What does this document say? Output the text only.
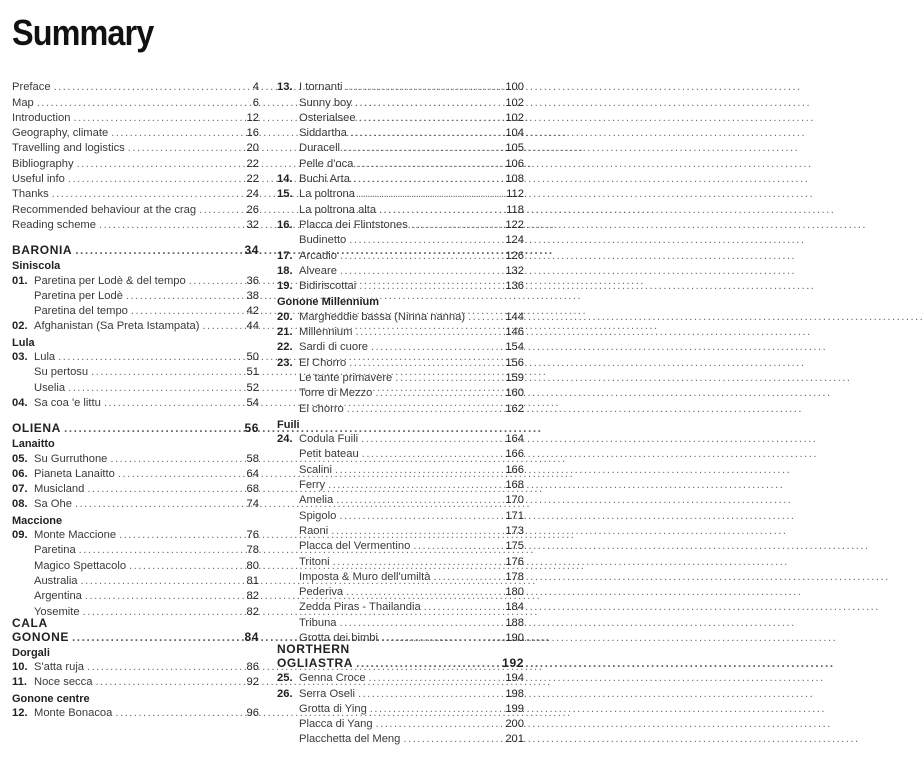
Summary
Preface .....	4
Map .....	6
Introduction .....	12
Geography, climate .....	16
Travelling and logistics .....	20
Bibliography .....	22
Useful info .....	22
Thanks .....	24
Recommended behaviour at the crag .....	26
Reading scheme .....	32
BARONIA .....	34
Siniscola
01. Paretina per Lodè & del tempo .....	36
Paretina per Lodè .....	38
Paretina del tempo .....	42
02. Afghanistan (Sa Preta Istampata) .....	44
Lula
03. Lula .....	50
Su pertosu .....	51
Uselia .....	52
04. Sa coa 'e littu .....	54
OLIENA .....	56
Lanaitto
05. Su Gurruthone .....	58
06. Pianeta Lanaitto .....	64
07. Musicland .....	68
08. Sa Ohe .....	74
Maccione
09. Monte Maccione .....	76
Paretina .....	78
Magico Spettacolo .....	80
Australia .....	81
Argentina .....	82
Yosemite .....	82
CALA GONONE .....	84
Dorgali
10. S'atta ruja .....	86
11. Noce secca .....	92
Gonone centre
12. Monte Bonacoa .....	96
13. I tornanti .....	100
Sunny boy .....	102
Osterialsee .....	102
Siddartha .....	104
Duracell .....	105
Pelle d'oca .....	106
14. Buchi Arta .....	108
15. La poltrona .....	112
La poltrona alta .....	118
16. Placca dei Flintstones .....	122
Budinetto .....	124
17. Arcadio .....	126
18. Alveare .....	132
19. Bidiriscottai .....	136
Gonone Millennium
20. Margheddie bassa (Ninna nanna) .....	144
21. Millennium .....	146
22. Sardi di cuore .....	154
23. El Chorro .....	156
Le tante primavere .....	159
Torre di Mezzo .....	160
El chorro .....	162
Fuili
24. Codula Fuili .....	164
Petit bateau .....	166
Scalini .....	166
Ferry .....	168
Amelia .....	170
Spigolo .....	171
Raoni .....	173
Placca del Vermentino .....	175
Tritoni .....	176
Imposta & Muro dell'umiltà .....	178
Pederiva .....	180
Zedda Piras - Thailandia .....	184
Tribuna .....	188
Grotta dei bimbi .....	190
NORTHERN OGLIASTRA .....	192
25. Genna Croce .....	194
26. Serra Oseli .....	198
Grotta di Ying .....	199
Placca di Yang .....	200
Placchetta del Meng .....	201
